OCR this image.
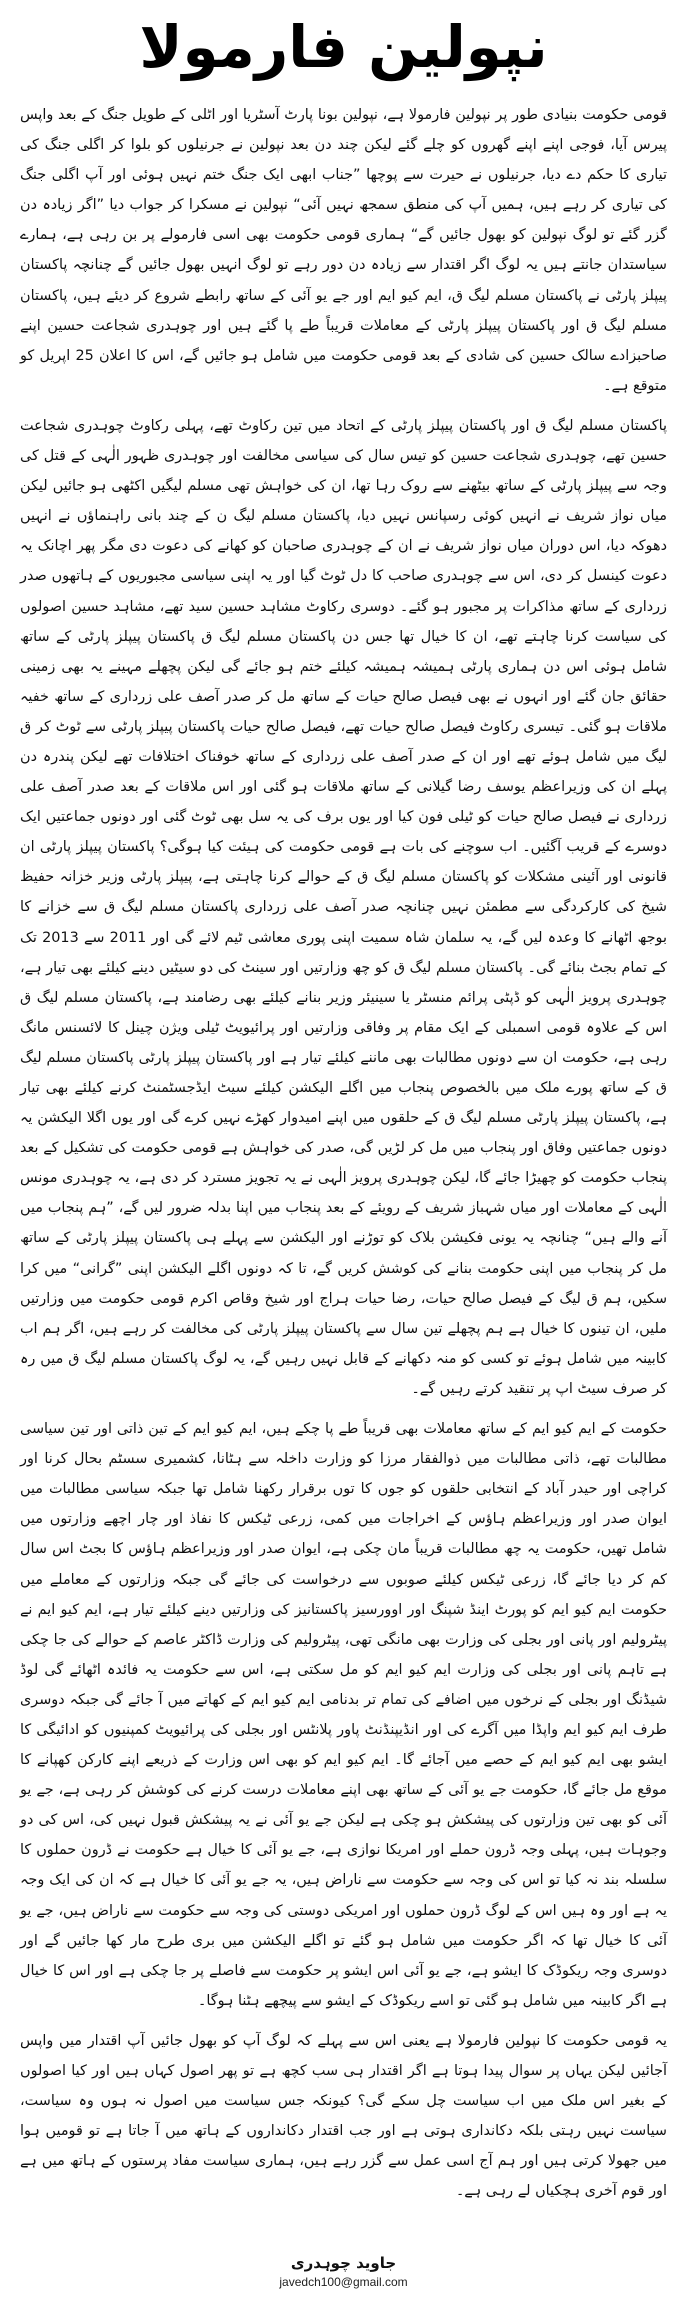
نپولین فارمولا

قومی حکومت بنیادی طور پر نپولین فارمولا ہے، نپولین بونا پارٹ آسٹریا اور اٹلی کے طویل جنگ کے بعد واپس پیرس آیا، فوجی اپنے اپنے گھروں کو چلے گئے لیکن چند دن بعد نپولین نے جرنیلوں کو بلوا کر اگلی جنگ کی تیاری کا حکم دے دیا، جرنیلوں نے حیرت سے پوچھا ”جناب ابھی ایک جنگ ختم نہیں ہوئی اور آپ اگلی جنگ کی تیاری کر رہے ہیں، ہمیں آپ کی منطق سمجھ نہیں آئی“ نپولین نے مسکرا کر جواب دیا ”اگر زیادہ دن گزر گئے تو لوگ نپولین کو بھول جائیں گے“ ہماری قومی حکومت بھی اسی فارمولے پر بن رہی ہے، ہمارے سیاستدان جانتے ہیں یہ لوگ اگر اقتدار سے زیادہ دن دور رہے تو لوگ انہیں بھول جائیں گے چنانچہ پاکستان پیپلز پارٹی نے پاکستان مسلم لیگ ق، ایم کیو ایم اور جے یو آئی کے ساتھ رابطے شروع کر دیئے ہیں، پاکستان مسلم لیگ ق اور پاکستان پیپلز پارٹی کے معاملات قریباً طے پا گئے ہیں اور چوہدری شجاعت حسین اپنے صاحبزادے سالک حسین کی شادی کے بعد قومی حکومت میں شامل ہو جائیں گے، اس کا اعلان 25 اپریل کو متوقع ہے۔

پاکستان مسلم لیگ ق اور پاکستان پیپلز پارٹی کے اتحاد میں تین رکاوٹ تھے، پہلی رکاوٹ چوہدری شجاعت حسین تھے، چوہدری شجاعت حسین کو تیس سال کی سیاسی مخالفت اور چوہدری ظہور الٰہی کے قتل کی وجہ سے پیپلز پارٹی کے ساتھ بیٹھنے سے روک رہا تھا، ان کی خواہش تھی مسلم لیگیں اکٹھی ہو جائیں لیکن میاں نواز شریف نے انہیں کوئی رسپانس نہیں دیا، پاکستان مسلم لیگ ن کے چند بانی راہنماؤں نے انہیں دھوکہ دیا، اس دوران میاں نواز شریف نے ان کے چوہدری صاحبان کو کھانے کی دعوت دی مگر پھر اچانک یہ دعوت کینسل کر دی، اس سے چوہدری صاحب کا دل ٹوٹ گیا اور یہ اپنی سیاسی مجبوریوں کے ہاتھوں صدر زرداری کے ساتھ مذاکرات پر مجبور ہو گئے۔ دوسری رکاوٹ مشاہد حسین سید تھے، مشاہد حسین اصولوں کی سیاست کرنا چاہتے تھے، ان کا خیال تھا جس دن پاکستان مسلم لیگ ق پاکستان پیپلز پارٹی کے ساتھ شامل ہوئی اس دن ہماری پارٹی ہمیشہ ہمیشہ کیلئے ختم ہو جائے گی لیکن پچھلے مہینے یہ بھی زمینی حقائق جان گئے اور انہوں نے بھی فیصل صالح حیات کے ساتھ مل کر صدر آصف علی زرداری کے ساتھ خفیہ ملاقات ہو گئی۔ تیسری رکاوٹ فیصل صالح حیات تھے، فیصل صالح حیات پاکستان پیپلز پارٹی سے ٹوٹ کر ق لیگ میں شامل ہوئے تھے اور ان کے صدر آصف علی زرداری کے ساتھ خوفناک اختلافات تھے لیکن پندرہ دن پہلے ان کی وزیراعظم یوسف رضا گیلانی کے ساتھ ملاقات ہو گئی اور اس ملاقات کے بعد صدر آصف علی زرداری نے فیصل صالح حیات کو ٹیلی فون کیا اور یوں برف کی یہ سل بھی ٹوٹ گئی اور دونوں جماعتیں ایک دوسرے کے قریب آگئیں۔ اب سوچنے کی بات ہے قومی حکومت کی ہیئت کیا ہوگی؟ پاکستان پیپلز پارٹی ان قانونی اور آئینی مشکلات کو پاکستان مسلم لیگ ق کے حوالے کرنا چاہتی ہے، پیپلز پارٹی وزیر خزانہ حفیظ شیخ کی کارکردگی سے مطمئن نہیں چنانچہ صدر آصف علی زرداری پاکستان مسلم لیگ ق سے خزانے کا بوجھ اٹھانے کا وعدہ لیں گے، یہ سلمان شاہ سمیت اپنی پوری معاشی ٹیم لائے گی اور 2011 سے 2013 تک کے تمام بجٹ بنائے گی۔ پاکستان مسلم لیگ ق کو چھ وزارتیں اور سینٹ کی دو سیٹیں دینے کیلئے بھی تیار ہے، چوہدری پرویز الٰہی کو ڈپٹی پرائم منسٹر یا سینیئر وزیر بنانے کیلئے بھی رضامند ہے، پاکستان مسلم لیگ ق اس کے علاوہ قومی اسمبلی کے ایک مقام پر وفاقی وزارتیں اور پرائیویٹ ٹیلی ویژن چینل کا لائسنس مانگ رہی ہے، حکومت ان سے دونوں مطالبات بھی ماننے کیلئے تیار ہے اور پاکستان پیپلز پارٹی پاکستان مسلم لیگ ق کے ساتھ پورے ملک میں بالخصوص پنجاب میں اگلے الیکشن کیلئے سیٹ ایڈجسٹمنٹ کرنے کیلئے بھی تیار ہے، پاکستان پیپلز پارٹی مسلم لیگ ق کے حلقوں میں اپنے امیدوار کھڑے نہیں کرے گی اور یوں اگلا الیکشن یہ دونوں جماعتیں وفاق اور پنجاب میں مل کر لڑیں گی، صدر کی خواہش ہے قومی حکومت کی تشکیل کے بعد پنجاب حکومت کو چھیڑا جائے گا، لیکن چوہدری پرویز الٰہی نے یہ تجویز مسترد کر دی ہے، یہ چوہدری مونس الٰہی کے معاملات اور میاں شہباز شریف کے رویئے کے بعد پنجاب میں اپنا بدلہ ضرور لیں گے، ”ہم پنجاب میں آنے والے ہیں“ چنانچہ یہ یونی فکیشن بلاک کو توڑنے اور الیکشن سے پہلے ہی پاکستان پیپلز پارٹی کے ساتھ مل کر پنجاب میں اپنی حکومت بنانے کی کوشش کریں گے، تا کہ دونوں اگلے الیکشن اپنی ”گرانی“ میں کرا سکیں، ہم ق لیگ کے فیصل صالح حیات، رضا حیات ہراج اور شیخ وقاص اکرم قومی حکومت میں وزارتیں ملیں، ان تینوں کا خیال ہے ہم پچھلے تین سال سے پاکستان پیپلز پارٹی کی مخالفت کر رہے ہیں، اگر ہم اب کابینہ میں شامل ہوئے تو کسی کو منہ دکھانے کے قابل نہیں رہیں گے، یہ لوگ پاکستان مسلم لیگ ق میں رہ کر صرف سیٹ اپ پر تنقید کرتے رہیں گے۔

حکومت کے ایم کیو ایم کے ساتھ معاملات بھی قریباً طے پا چکے ہیں، ایم کیو ایم کے تین ذاتی اور تین سیاسی مطالبات تھے، ذاتی مطالبات میں ذوالفقار مرزا کو وزارت داخلہ سے ہٹانا، کشمیری سسٹم بحال کرنا اور کراچی اور حیدر آباد کے انتخابی حلقوں کو جوں کا توں برقرار رکھنا شامل تھا جبکہ سیاسی مطالبات میں ایوان صدر اور وزیراعظم ہاؤس کے اخراجات میں کمی، زرعی ٹیکس کا نفاذ اور چار اچھے وزارتوں میں شامل تھیں، حکومت یہ چھ مطالبات قریباً مان چکی ہے، ایوان صدر اور وزیراعظم ہاؤس کا بجٹ اس سال کم کر دیا جائے گا، زرعی ٹیکس کیلئے صوبوں سے درخواست کی جائے گی جبکہ وزارتوں کے معاملے میں حکومت ایم کیو ایم کو پورٹ اینڈ شپنگ اور اوورسیز پاکستانیز کی وزارتیں دینے کیلئے تیار ہے، ایم کیو ایم نے پیٹرولیم اور پانی اور بجلی کی وزارت بھی مانگی تھی، پیٹرولیم کی وزارت ڈاکٹر عاصم کے حوالے کی جا چکی ہے تاہم پانی اور بجلی کی وزارت ایم کیو ایم کو مل سکتی ہے، اس سے حکومت یہ فائدہ اٹھائے گی لوڈ شیڈنگ اور بجلی کے نرخوں میں اضافے کی تمام تر بدنامی ایم کیو ایم کے کھاتے میں آ جائے گی جبکہ دوسری طرف ایم کیو ایم واپڈا میں آگرے کی اور انڈیپنڈنٹ پاور پلانٹس اور بجلی کی پرائیویٹ کمپنیوں کو ادائیگی کا ایشو بھی ایم کیو ایم کے حصے میں آجائے گا۔ ایم کیو ایم کو بھی اس وزارت کے ذریعے اپنے کارکن کھپانے کا موقع مل جائے گا، حکومت جے یو آئی کے ساتھ بھی اپنے معاملات درست کرنے کی کوشش کر رہی ہے، جے یو آئی کو بھی تین وزارتوں کی پیشکش ہو چکی ہے لیکن جے یو آئی نے یہ پیشکش قبول نہیں کی، اس کی دو وجوہات ہیں، پہلی وجہ ڈرون حملے اور امریکا نوازی ہے، جے یو آئی کا خیال ہے حکومت نے ڈرون حملوں کا سلسلہ بند نہ کیا تو اس کی وجہ سے حکومت سے ناراض ہیں، یہ جے یو آئی کا خیال ہے کہ ان کی ایک وجہ یہ ہے اور وہ ہیں اس کے لوگ ڈرون حملوں اور امریکی دوستی کی وجہ سے حکومت سے ناراض ہیں، جے یو آئی کا خیال تھا کہ اگر حکومت میں شامل ہو گئے تو اگلے الیکشن میں بری طرح مار کھا جائیں گے اور دوسری وجہ ریکوڈک کا ایشو ہے، جے یو آئی اس ایشو پر حکومت سے فاصلے پر جا چکی ہے اور اس کا خیال ہے اگر کابینہ میں شامل ہو گئی تو اسے ریکوڈک کے ایشو سے پیچھے ہٹنا ہوگا۔

یہ قومی حکومت کا نپولین فارمولا ہے یعنی اس سے پہلے کہ لوگ آپ کو بھول جائیں آپ اقتدار میں واپس آجائیں لیکن یہاں پر سوال پیدا ہوتا ہے اگر اقتدار ہی سب کچھ ہے تو پھر اصول کہاں ہیں اور کیا اصولوں کے بغیر اس ملک میں اب سیاست چل سکے گی؟ کیونکہ جس سیاست میں اصول نہ ہوں وہ سیاست، سیاست نہیں رہتی بلکہ دکانداری ہوتی ہے اور جب اقتدار دکانداروں کے ہاتھ میں آ جاتا ہے تو قومیں ہوا میں جھولا کرتی ہیں اور ہم آج اسی عمل سے گزر رہے ہیں، ہماری سیاست مفاد پرستوں کے ہاتھ میں ہے اور قوم آخری ہچکیاں لے رہی ہے۔

جاوید چوہدری
javedch100@gmail.com
